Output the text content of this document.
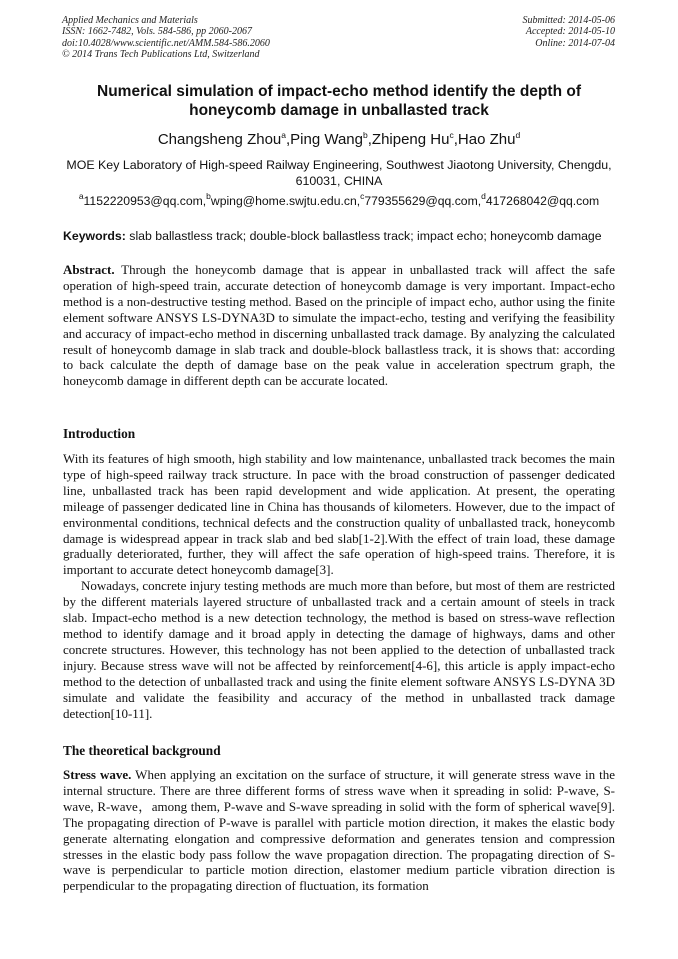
Applied Mechanics and Materials
ISSN: 1662-7482, Vols. 584-586, pp 2060-2067
doi:10.4028/www.scientific.net/AMM.584-586.2060
© 2014 Trans Tech Publications Ltd, Switzerland
Submitted: 2014-05-06
Accepted: 2014-05-10
Online: 2014-07-04
Numerical simulation of impact-echo method identify the depth of honeycomb damage in unballasted track
Changsheng Zhou$^a$,Ping Wang$^b$,Zhipeng Hu$^c$,Hao Zhu$^d$
MOE Key Laboratory of High-speed Railway Engineering, Southwest Jiaotong University, Chengdu, 610031, CHINA
$^a$1152220953@qq.com,$^b$wping@home.swjtu.edu.cn,$^c$779355629@qq.com,$^d$417268042@qq.com
Keywords: slab ballastless track; double-block ballastless track; impact echo; honeycomb damage

Abstract. Through the honeycomb damage that is appear in unballasted track will affect the safe operation of high-speed train, accurate detection of honeycomb damage is very important. Impact-echo method is a non-destructive testing method. Based on the principle of impact echo, author using the finite element software ANSYS LS-DYNA3D to simulate the impact-echo, testing and verifying the feasibility and accuracy of impact-echo method in discerning unballasted track damage. By analyzing the calculated result of honeycomb damage in slab track and double-block ballastless track, it is shows that: according to back calculate the depth of damage base on the peak value in acceleration spectrum graph, the honeycomb damage in different depth can be accurate located.

Introduction

With its features of high smooth, high stability and low maintenance, unballasted track becomes the main type of high-speed railway track structure. In pace with the broad construction of passenger dedicated line, unballasted track has been rapid development and wide application. At present, the operating mileage of passenger dedicated line in China has thousands of kilometers. However, due to the impact of environmental conditions, technical defects and the construction quality of unballasted track, honeycomb damage is widespread appear in track slab and bed slab[1-2].With the effect of train load, these damage gradually deteriorated, further, they will affect the safe operation of high-speed trains. Therefore, it is important to accurate detect honeycomb damage[3].

Nowadays, concrete injury testing methods are much more than before, but most of them are restricted by the different materials layered structure of unballasted track and a certain amount of steels in track slab. Impact-echo method is a new detection technology, the method is based on stress-wave reflection method to identify damage and it broad apply in detecting the damage of highways, dams and other concrete structures. However, this technology has not been applied to the detection of unballasted track injury. Because stress wave will not be affected by reinforcement[4-6], this article is apply impact-echo method to the detection of unballasted track and using the finite element software ANSYS LS-DYNA 3D simulate and validate the feasibility and accuracy of the method in unballasted track damage detection[10-11].

The theoretical background

Stress wave. When applying an excitation on the surface of structure, it will generate stress wave in the internal structure. There are three different forms of stress wave when it spreading in solid: P-wave, S-wave, R-wave，among them, P-wave and S-wave spreading in solid with the form of spherical wave[9]. The propagating direction of P-wave is parallel with particle motion direction, it makes the elastic body generate alternating elongation and compressive deformation and generates tension and compression stresses in the elastic body pass follow the wave propagation direction. The propagating direction of S-wave is perpendicular to particle motion direction, elastomer medium particle vibration direction is perpendicular to the propagating direction of fluctuation, its formation
